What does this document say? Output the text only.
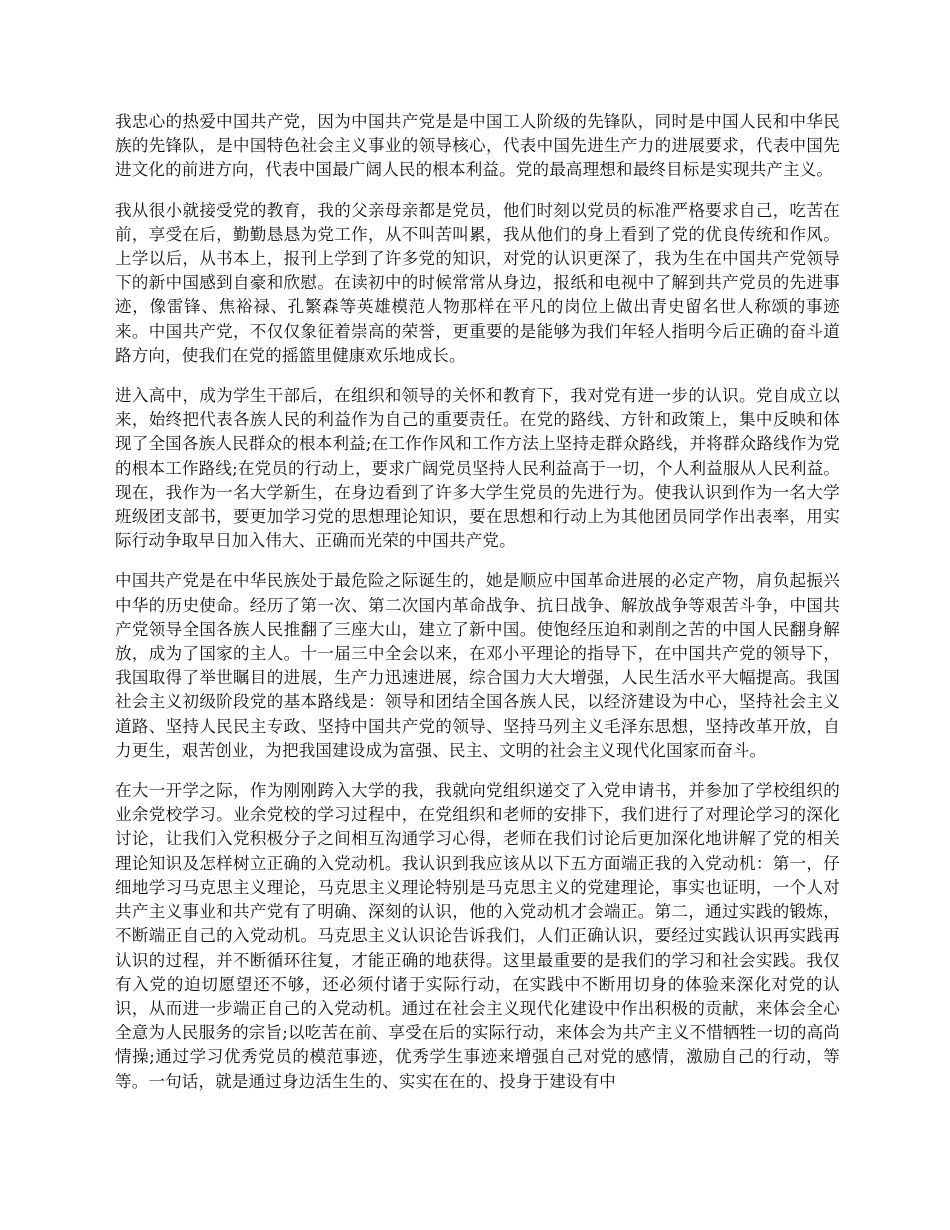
我忠心的热爱中国共产党，因为中国共产党是是中国工人阶级的先锋队，同时是中国人民和中华民族的先锋队，是中国特色社会主义事业的领导核心，代表中国先进生产力的进展要求，代表中国先进文化的前进方向，代表中国最广阔人民的根本利益。党的最高理想和最终目标是实现共产主义。

我从很小就接受党的教育，我的父亲母亲都是党员，他们时刻以党员的标准严格要求自己，吃苦在前，享受在后，勤勤恳恳为党工作，从不叫苦叫累，我从他们的身上看到了党的优良传统和作风。上学以后，从书本上，报刊上学到了许多党的知识，对党的认识更深了，我为生在中国共产党领导下的新中国感到自豪和欣慰。在读初中的时候常常从身边，报纸和电视中了解到共产党员的先进事迹，像雷锋、焦裕禄、孔繁森等英雄模范人物那样在平凡的岗位上做出青史留名世人称颂的事迹来。中国共产党，不仅仅象征着崇高的荣誉，更重要的是能够为我们年轻人指明今后正确的奋斗道路方向，使我们在党的摇篮里健康欢乐地成长。

进入高中，成为学生干部后，在组织和领导的关怀和教育下，我对党有进一步的认识。党自成立以来，始终把代表各族人民的利益作为自己的重要责任。在党的路线、方针和政策上，集中反映和体现了全国各族人民群众的根本利益;在工作作风和工作方法上坚持走群众路线，并将群众路线作为党的根本工作路线;在党员的行动上，要求广阔党员坚持人民利益高于一切，个人利益服从人民利益。现在，我作为一名大学新生，在身边看到了许多大学生党员的先进行为。使我认识到作为一名大学班级团支部书，要更加学习党的思想理论知识，要在思想和行动上为其他团员同学作出表率，用实际行动争取早日加入伟大、正确而光荣的中国共产党。

中国共产党是在中华民族处于最危险之际诞生的，她是顺应中国革命进展的必定产物，肩负起振兴中华的历史使命。经历了第一次、第二次国内革命战争、抗日战争、解放战争等艰苦斗争，中国共产党领导全国各族人民推翻了三座大山，建立了新中国。使饱经压迫和剥削之苦的中国人民翻身解放，成为了国家的主人。十一届三中全会以来，在邓小平理论的指导下，在中国共产党的领导下，我国取得了举世瞩目的进展，生产力迅速进展，综合国力大大增强，人民生活水平大幅提高。我国社会主义初级阶段党的基本路线是：领导和团结全国各族人民，以经济建设为中心，坚持社会主义道路、坚持人民民主专政、坚持中国共产党的领导、坚持马列主义毛泽东思想，坚持改革开放，自力更生，艰苦创业，为把我国建设成为富强、民主、文明的社会主义现代化国家而奋斗。

在大一开学之际，作为刚刚跨入大学的我，我就向党组织递交了入党申请书，并参加了学校组织的业余党校学习。业余党校的学习过程中，在党组织和老师的安排下，我们进行了对理论学习的深化讨论，让我们入党积极分子之间相互沟通学习心得，老师在我们讨论后更加深化地讲解了党的相关理论知识及怎样树立正确的入党动机。我认识到我应该从以下五方面端正我的入党动机：第一，仔细地学习马克思主义理论，马克思主义理论特别是马克思主义的党建理论，事实也证明，一个人对共产主义事业和共产党有了明确、深刻的认识，他的入党动机才会端正。第二，通过实践的锻炼，不断端正自己的入党动机。马克思主义认识论告诉我们，人们正确认识，要经过实践认识再实践再认识的过程，并不断循环往复，才能正确的地获得。这里最重要的是我们的学习和社会实践。我仅有入党的迫切愿望还不够，还必须付诸于实际行动，在实践中不断用切身的体验来深化对党的认识，从而进一步端正自己的入党动机。通过在社会主义现代化建设中作出积极的贡献，来体会全心全意为人民服务的宗旨;以吃苦在前、享受在后的实际行动，来体会为共产主义不惜牺牲一切的高尚情操;通过学习优秀党员的模范事迹，优秀学生事迹来增强自己对党的感情，激励自己的行动，等等。一句话，就是通过身边活生生的、实实在在的、投身于建设有中
